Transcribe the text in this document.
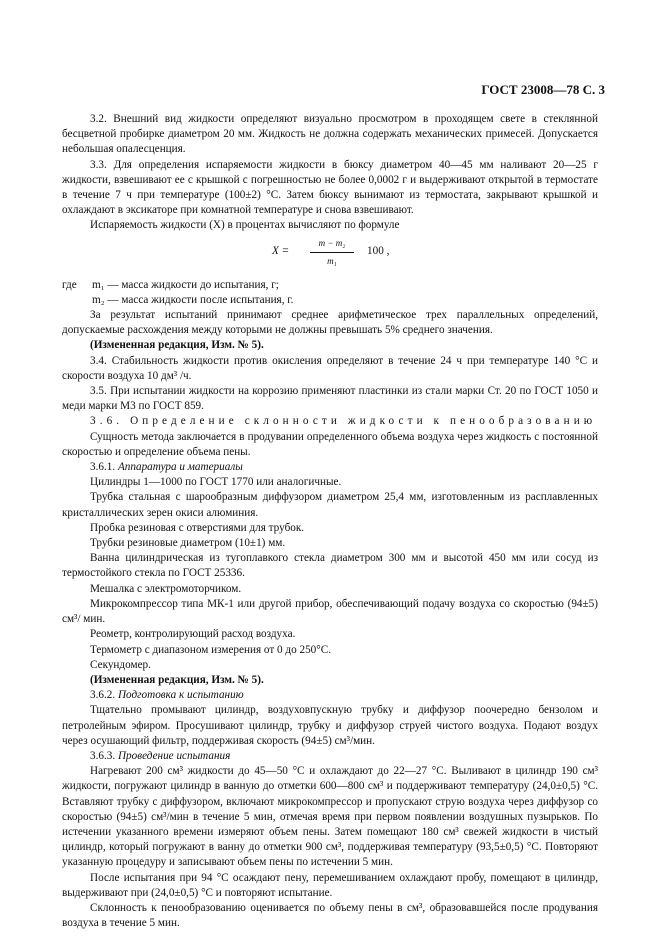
ГОСТ 23008—78 С. 3

3.2. Внешний вид жидкости определяют визуально просмотром в проходящем свете в стеклянной бесцветной пробирке диаметром 20 мм. Жидкость не должна содержать механических примесей. Допускается небольшая опалесценция.

3.3. Для определения испаряемости жидкости в бюксу диаметром 40—45 мм наливают 20—25 г жидкости, взвешивают ее с крышкой с погрешностью не более 0,0002 г и выдерживают открытой в термостате в течение 7 ч при температуре (100±2) °С. Затем бюксу вынимают из термостата, закрывают крышкой и охлаждают в эксикаторе при комнатной температуре и снова взвешивают.

Испаряемость жидкости (X) в процентах вычисляют по формуле

$X = \frac{\text{m − m₂}}{\text{m₁}} 100$ ,
где	m₁ — масса жидкости до испытания, г;

m₂ — масса жидкости после испытания, г.

За результат испытаний принимают среднее арифметическое трех параллельных определений, допускаемые расхождения между которыми не должны превышать 5% среднего значения.

(Измененная редакция, Изм. № 5).

3.4. Стабильность жидкости против окисления определяют в течение 24 ч при температуре 140 °С и скорости воздуха 10 дм³ /ч.

3.5. При испытании жидкости на коррозию применяют пластинки из стали марки Ст. 20 по ГОСТ 1050 и меди марки М3 по ГОСТ 859.

3.6. Определение склонности жидкости к пенообразованию

Сущность метода заключается в продувании определенного объема воздуха через жидкость с постоянной скоростью и определение объема пены.

3.6.1. Аппаратура и материалы

Цилиндры 1—1000 по ГОСТ 1770 или аналогичные.

Трубка стальная с шарообразным диффузором диаметром 25,4 мм, изготовленным из расплавленных кристаллических зерен окиси алюминия.

Пробка резиновая с отверстиями для трубок.

Трубки резиновые диаметром (10±1) мм.

Ванна цилиндрическая из тугоплавкого стекла диаметром 300 мм и высотой 450 мм или сосуд из термостойкого стекла по ГОСТ 25336.

Мешалка с электромоторчиком.

Микрокомпрессор типа МК-1 или другой прибор, обеспечивающий подачу воздуха со скоростью (94±5) см³/ мин.

Реометр, контролирующий расход воздуха.

Термометр с диапазоном измерения от 0 до 250°С.

Секундомер.

(Измененная редакция, Изм. № 5).

3.6.2. Подготовка к испытанию

Тщательно промывают цилиндр, воздуховпускную трубку и диффузор поочередно бензолом и петролейным эфиром. Просушивают цилиндр, трубку и диффузор струей чистого воздуха. Подают воздух через осушающий фильтр, поддерживая скорость (94±5) см³/мин.

3.6.3. Проведение испытания

Нагревают 200 см³ жидкости до 45—50 °С и охлаждают до 22—27 °С. Выливают в цилиндр 190 см³ жидкости, погружают цилиндр в ванную до отметки 600—800 см³ и поддерживают температуру (24,0±0,5) °С. Вставляют трубку с диффузором, включают микрокомпрессор и пропускают струю воздуха через диффузор со скоростью (94±5) см³/мин в течение 5 мин, отмечая время при первом появлении воздушных пузырьков. По истечении указанного времени измеряют объем пены. Затем помещают 180 см³ свежей жидкости в чистый цилиндр, который погружают в ванну до отметки 900 см³, поддерживая температуру (93,5±0,5) °С. Повторяют указанную процедуру и записывают объем пены по истечении 5 мин.

После испытания при 94 °С осаждают пену, перемешиванием охлаждают пробу, помещают в цилиндр, выдерживают при (24,0±0,5) °С и повторяют испытание.

Склонность к пенообразованию оценивается по объему пены в см³, образовавшейся после продувания воздуха в течение 5 мин.
